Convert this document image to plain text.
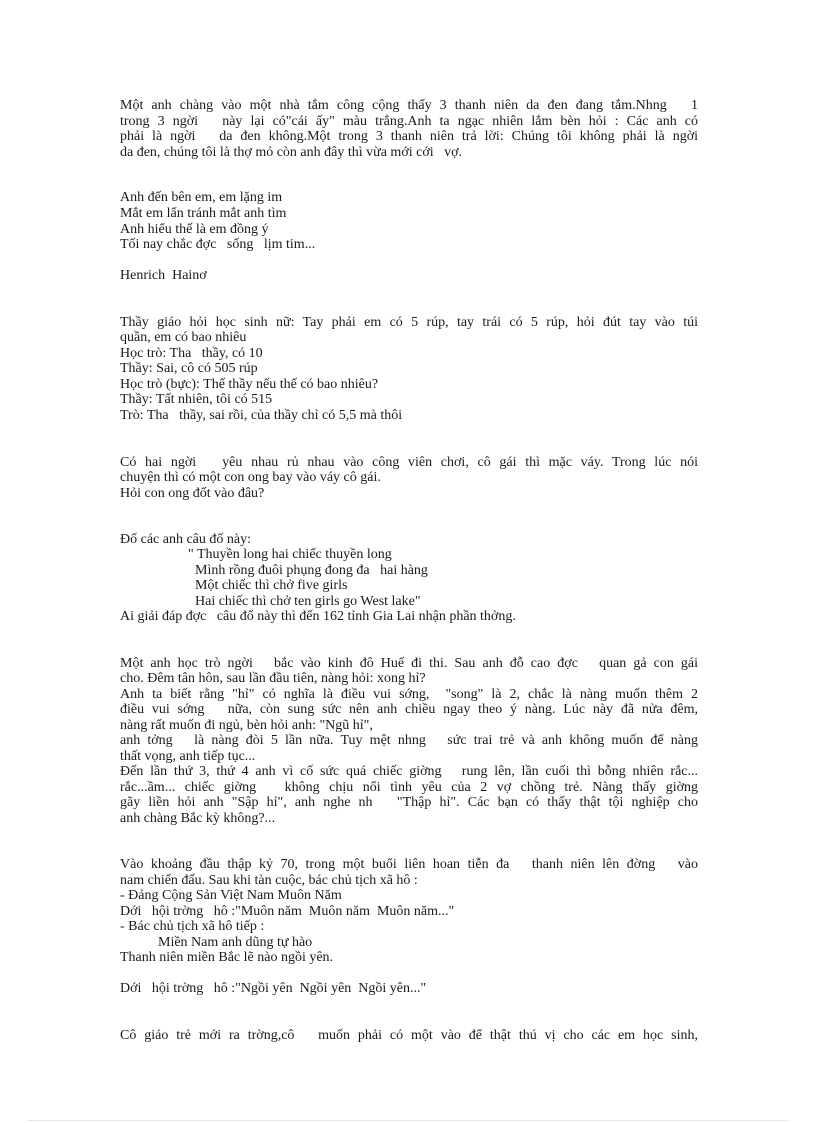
Một anh chàng vào một nhà tắm công cộng thấy 3 thanh niên da đen đang tắm.Nhng   1
trong 3 ngời   này lại có"cái ấy" màu trắng.Anh ta ngạc nhiên lắm bèn hỏi : Các anh có
phải là ngời   da đen không.Một trong 3 thanh niên trả lời: Chúng tôi không phải là ngời
da đen, chúng tôi là thợ mỏ còn anh đây thì vừa mới cới   vợ.
Anh đến bên em, em lặng im
Mắt em lẩn tránh mắt anh tìm
Anh hiểu thế là em đồng ý
Tối nay chắc đợc   sống   lịm tim...
Henrich  Hainơ
Thầy giáo hỏi học sinh nữ: Tay phải em có 5 rúp, tay trái có 5 rúp, hỏi đút tay vào túi
quần, em có bao nhiêu
Học trò: Tha   thầy, có 10
Thầy: Sai, cô có 505 rúp
Học trò (bực): Thế thầy nếu thế có bao nhiêu?
Thầy: Tất nhiên, tôi có 515
Trò: Tha   thầy, sai rồi, của thầy chỉ có 5,5 mà thôi
Có hai ngời   yêu nhau rủ nhau vào công viên chơi, cô gái thì mặc váy. Trong lúc nói
chuyện thì có một con ong bay vào váy cô gái.
Hỏi con ong đốt vào đâu?
Đố các anh câu đố này:
" Thuyền long hai chiếc thuyền long
Mình rồng đuôi phụng đong đa   hai hàng
Một chiếc thì chở five girls
Hai chiếc thì chở ten girls go West lake"
Ai giải đáp đợc   câu đố này thì đến 162 tỉnh Gia Lai nhận phần thởng.
Một anh học trò ngời   bắc vào kinh đô Huế đi thi. Sau anh đỗ cao đợc   quan gả con gái
cho. Đêm tân hôn, sau lần đầu tiên, nàng hỏi: xong hỉ?
Anh ta biết rằng "hỉ" có nghĩa là điều vui sớng,  "song" là 2, chắc là nàng muốn thêm 2
điều vui sớng   nữa, còn sung sức nên anh chiều ngay theo ý nàng. Lúc này đã nửa đêm,
nàng rất muốn đi ngủ, bèn hỏi anh: "Ngũ hỉ",
anh tởng   là nàng đòi 5 lần nữa. Tuy mệt nhng   sức trai trẻ và anh không muốn để nàng
thất vọng, anh tiếp tục...
Đến lần thứ 3, thứ 4 anh vì cố sức quá chiếc giờng   rung lên, lần cuối thì bỗng nhiên rắc...
rắc...ầm... chiếc giờng   không chịu nổi tình yêu của 2 vợ chồng trẻ. Nàng thấy giờng
gãy liền hỏi anh "Sập hỉ", anh nghe nh   "Thập hỉ". Các bạn có thấy thật tội nghiệp cho
anh chàng Bắc kỳ không?...
Vào khoảng đầu thập kỷ 70, trong một buổi liên hoan tiễn đa   thanh niên lên đờng   vào
nam chiến đấu. Sau khi tàn cuộc, bác chủ tịch xã hô :
- Đảng Cộng Sản Việt Nam Muôn Năm
Dới   hội trờng   hô :"Muôn năm  Muôn năm  Muôn năm..."
- Bác chủ tịch xã hô tiếp :
Miền Nam anh dũng tự hào
Thanh niên miền Bắc lẽ nào ngồi yên.
Dới   hội trờng   hô :"Ngồi yên  Ngồi yên  Ngồi yên..."
Cô giáo trẻ mới ra trờng,cô   muốn phải có một vào để thật thú vị cho các em học sinh,
